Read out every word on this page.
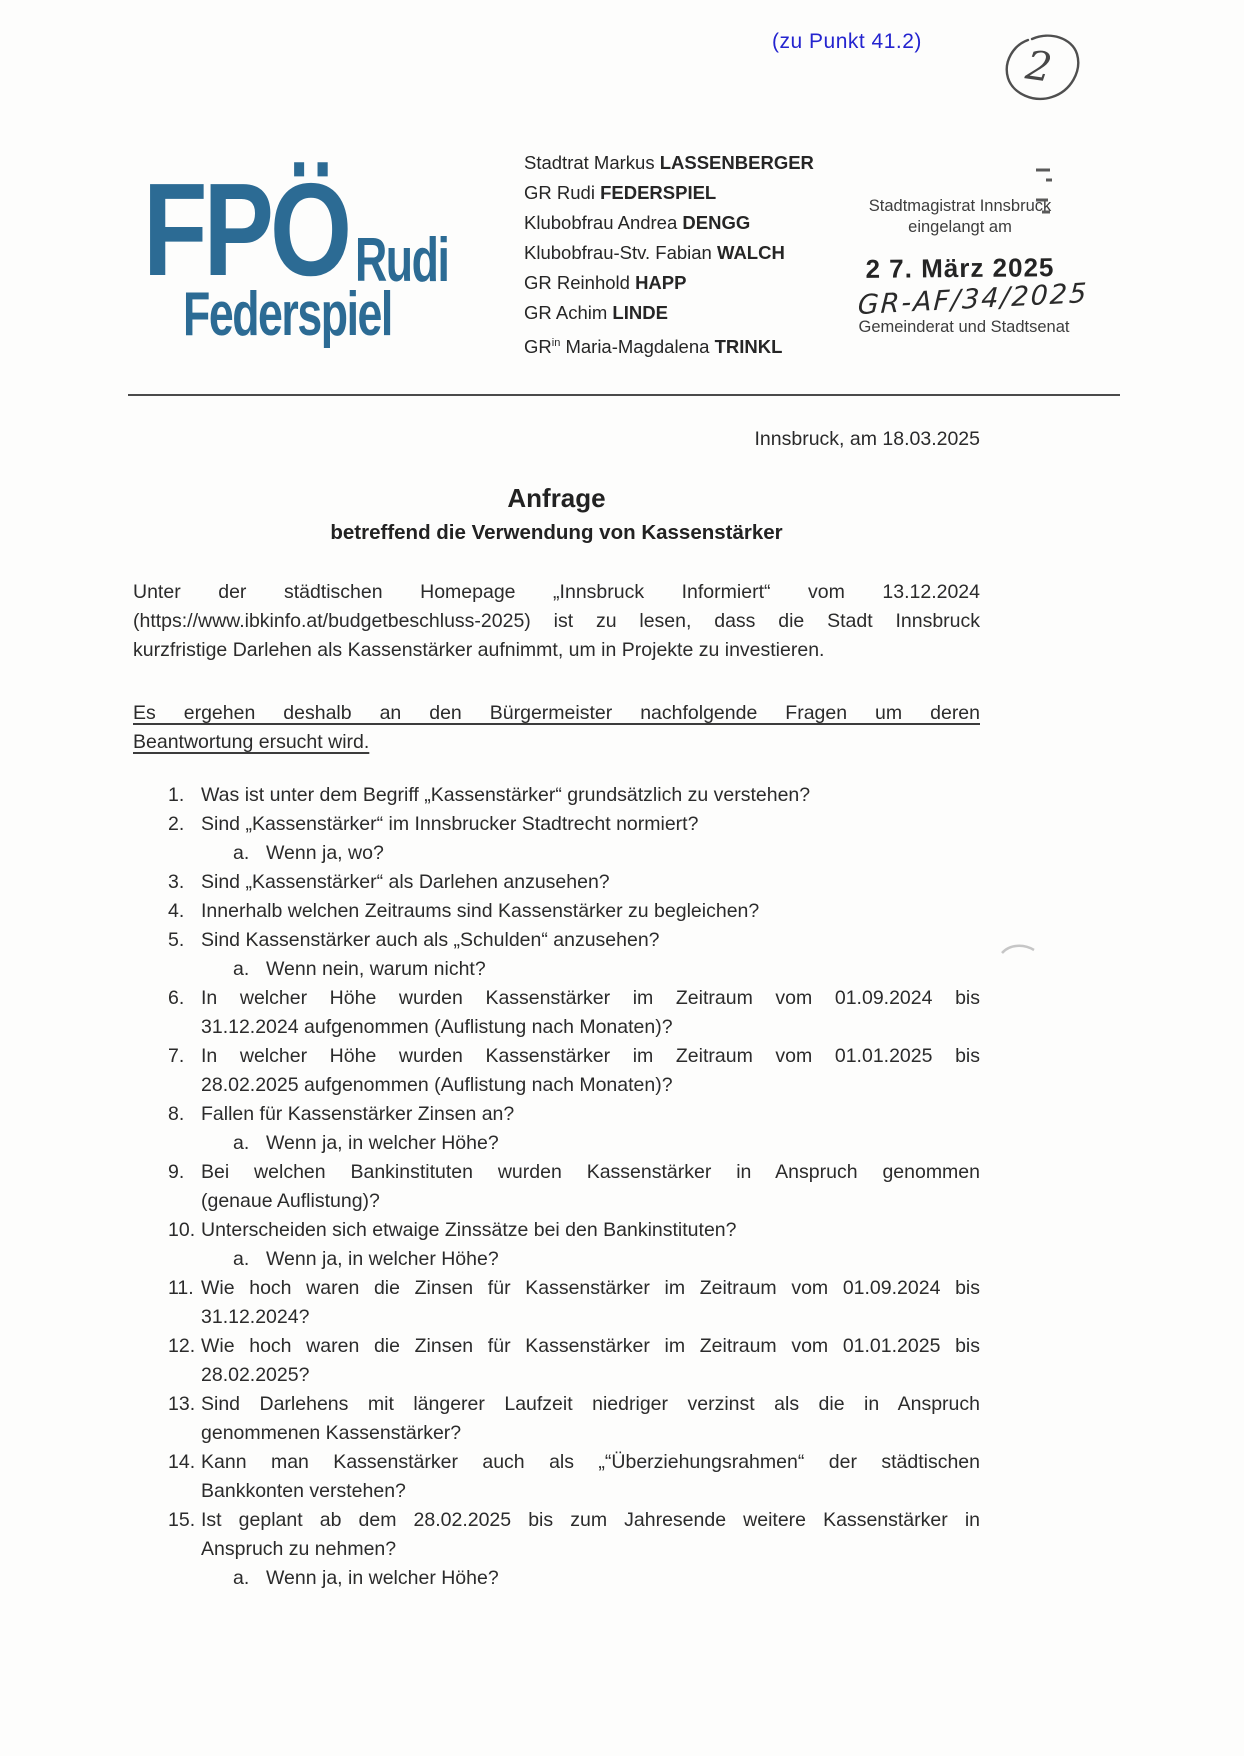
(zu Punkt 41.2)
2
FPÖ Rudi
Federspiel
Stadtrat Markus LASSENBERGER
GR Rudi FEDERSPIEL
Klubobfrau Andrea DENGG
Klubobfrau-Stv. Fabian WALCH
GR Reinhold HAPP
GR Achim LINDE
$GR^{in}$ Maria-Magdalena TRINKL
Stadtmagistrat Innsbruck
eingelangt am
2 7. März 2025
GR-AF/34/2025
Gemeinderat und Stadtsenat
Innsbruck, am 18.03.2025
Anfrage
betreffend die Verwendung von Kassenstärker
Unter der städtischen Homepage „Innsbruck Informiert“ vom 13.12.2024
(https://www.ibkinfo.at/budgetbeschluss-2025) ist zu lesen, dass die Stadt Innsbruck
kurzfristige Darlehen als Kassenstärker aufnimmt, um in Projekte zu investieren.
Es ergehen deshalb an den Bürgermeister nachfolgende Fragen um deren
Beantwortung ersucht wird.
1. Was ist unter dem Begriff „Kassenstärker“ grundsätzlich zu verstehen?
2. Sind „Kassenstärker“ im Innsbrucker Stadtrecht normiert?
a. Wenn ja, wo?
3. Sind „Kassenstärker“ als Darlehen anzusehen?
4. Innerhalb welchen Zeitraums sind Kassenstärker zu begleichen?
5. Sind Kassenstärker auch als „Schulden“ anzusehen?
a. Wenn nein, warum nicht?
6. In welcher Höhe wurden Kassenstärker im Zeitraum vom 01.09.2024 bis
31.12.2024 aufgenommen (Auflistung nach Monaten)?
7. In welcher Höhe wurden Kassenstärker im Zeitraum vom 01.01.2025 bis
28.02.2025 aufgenommen (Auflistung nach Monaten)?
8. Fallen für Kassenstärker Zinsen an?
a. Wenn ja, in welcher Höhe?
9. Bei welchen Bankinstituten wurden Kassenstärker in Anspruch genommen
(genaue Auflistung)?
10. Unterscheiden sich etwaige Zinssätze bei den Bankinstituten?
a. Wenn ja, in welcher Höhe?
11. Wie hoch waren die Zinsen für Kassenstärker im Zeitraum vom 01.09.2024 bis
31.12.2024?
12. Wie hoch waren die Zinsen für Kassenstärker im Zeitraum vom 01.01.2025 bis
28.02.2025?
13. Sind Darlehens mit längerer Laufzeit niedriger verzinst als die in Anspruch
genommenen Kassenstärker?
14. Kann man Kassenstärker auch als „“Überziehungsrahmen“ der städtischen
Bankkonten verstehen?
15. Ist geplant ab dem 28.02.2025 bis zum Jahresende weitere Kassenstärker in
Anspruch zu nehmen?
a. Wenn ja, in welcher Höhe?
